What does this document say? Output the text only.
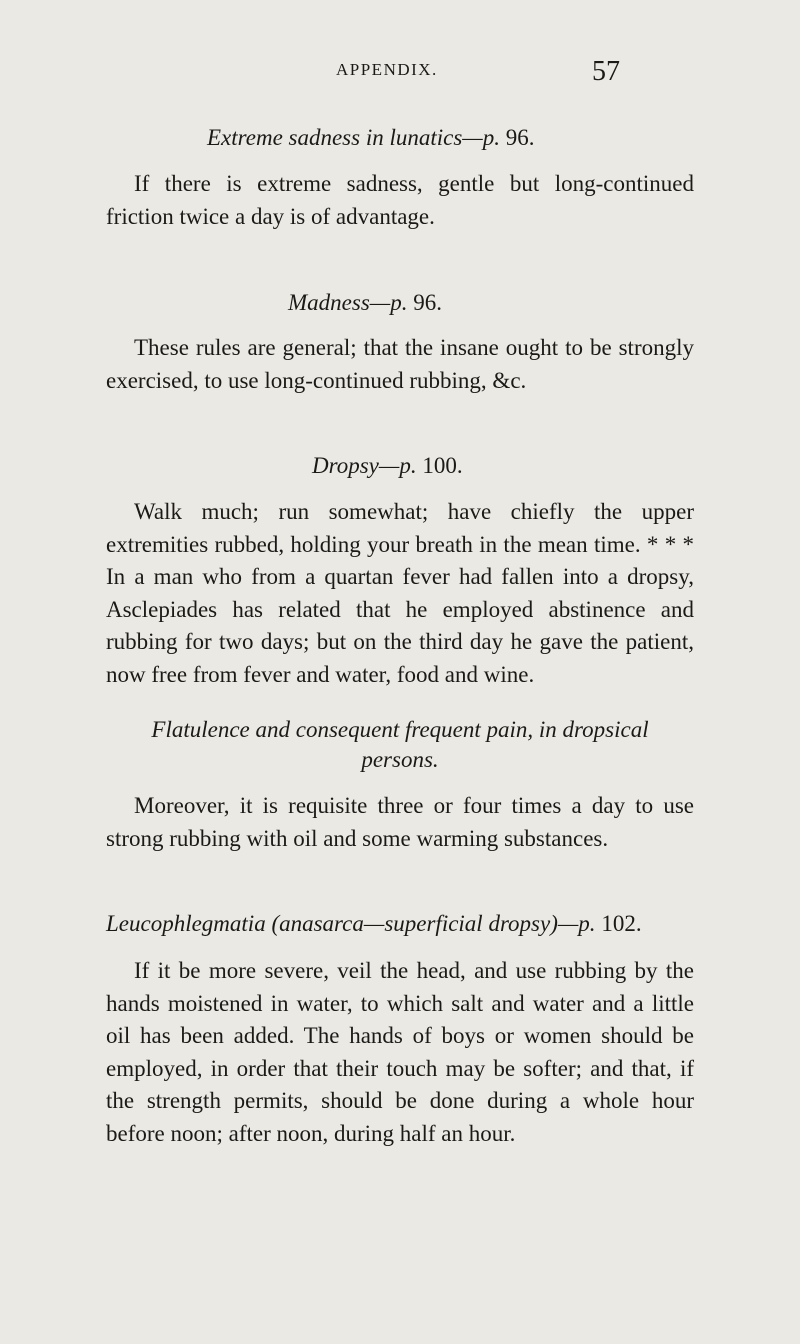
APPENDIX.	57
Extreme sadness in lunatics—p. 96.
If there is extreme sadness, gentle but long-continued friction twice a day is of advantage.
Madness—p. 96.
These rules are general; that the insane ought to be strongly exercised, to use long-continued rubbing, &c.
Dropsy—p. 100.
Walk much; run somewhat; have chiefly the upper extremities rubbed, holding your breath in the mean time. * * * In a man who from a quartan fever had fallen into a dropsy, Asclepiades has related that he employed abstinence and rubbing for two days; but on the third day he gave the patient, now free from fever and water, food and wine.
Flatulence and consequent frequent pain, in dropsical
persons.
Moreover, it is requisite three or four times a day to use strong rubbing with oil and some warming substances.
Leucophlegmatia (anasarca—superficial dropsy)—p. 102.
If it be more severe, veil the head, and use rubbing by the hands moistened in water, to which salt and water and a little oil has been added. The hands of boys or women should be employed, in order that their touch may be softer; and that, if the strength permits, should be done during a whole hour before noon; after noon, during half an hour.
